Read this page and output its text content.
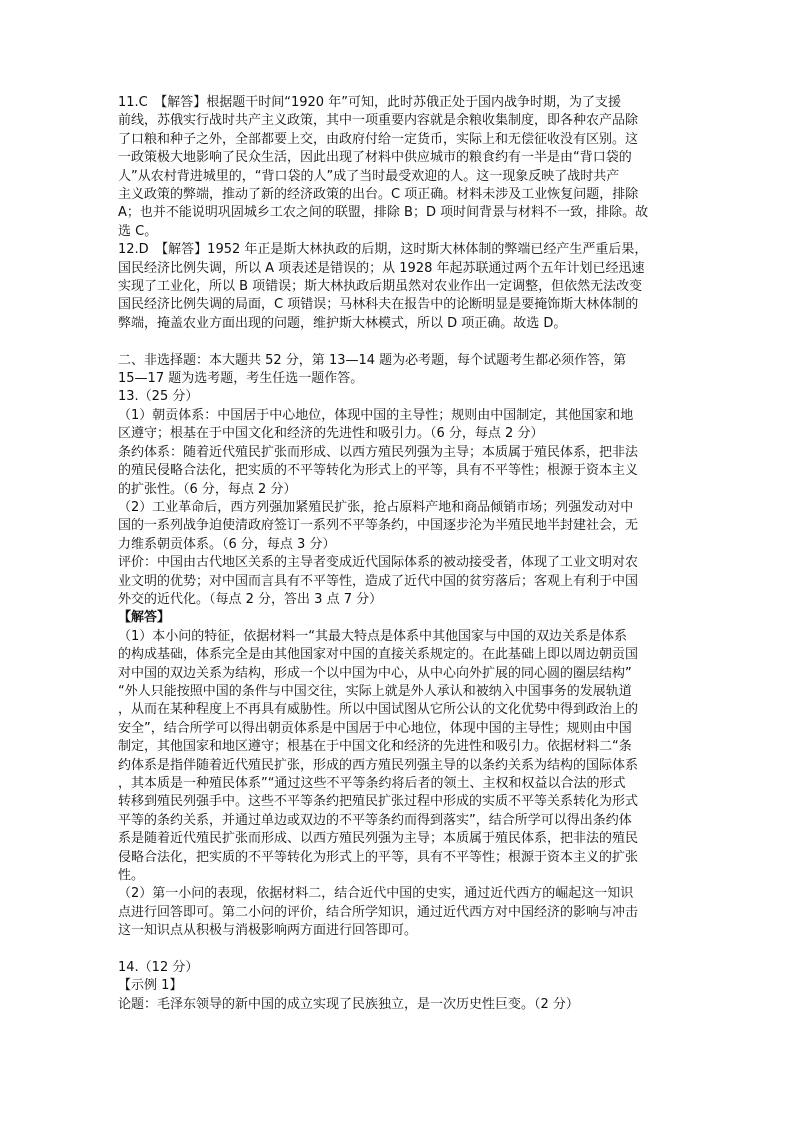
11.C　【解答】根据题干时间“1920 年”可知，此时苏俄正处于国内战争时期，为了支援

前线，苏俄实行战时共产主义政策，其中一项重要内容就是余粮收集制度，即各种农产品除

了口粮和种子之外，全部都要上交，由政府付给一定货币，实际上和无偿征收没有区别。这

一政策极大地影响了民众生活，因此出现了材料中供应城市的粮食约有一半是由“背口袋的

人”从农村背进城里的，“背口袋的人”成了当时最受欢迎的人。这一现象反映了战时共产

主义政策的弊端，推动了新的经济政策的出台。C 项正确。材料未涉及工业恢复问题，排除

A；也并不能说明巩固城乡工农之间的联盟，排除 B；D 项时间背景与材料不一致，排除。故

选 C。

12.D　【解答】1952 年正是斯大林执政的后期，这时斯大林体制的弊端已经产生严重后果，

国民经济比例失调，所以 A 项表述是错误的；从 1928 年起苏联通过两个五年计划已经迅速

实现了工业化，所以 B 项错误；斯大林执政后期虽然对农业作出一定调整，但依然无法改变

国民经济比例失调的局面，C 项错误；马林科夫在报告中的论断明显是要掩饰斯大林体制的

弊端，掩盖农业方面出现的问题，维护斯大林模式，所以 D 项正确。故选 D。

二、非选择题：本大题共 52 分，第 13—14 题为必考题，每个试题考生都必须作答，第

15—17 题为选考题，考生任选一题作答。

13.（25 分）

（1）朝贡体系：中国居于中心地位，体现中国的主导性；规则由中国制定，其他国家和地

区遵守；根基在于中国文化和经济的先进性和吸引力。（6 分，每点 2 分）

条约体系：随着近代殖民扩张而形成、以西方殖民列强为主导；本质属于殖民体系，把非法

的殖民侵略合法化，把实质的不平等转化为形式上的平等，具有不平等性；根源于资本主义

的扩张性。（6 分，每点 2 分）

（2）工业革命后，西方列强加紧殖民扩张，抢占原料产地和商品倾销市场；列强发动对中

国的一系列战争迫使清政府签订一系列不平等条约，中国逐步沦为半殖民地半封建社会，无

力维系朝贡体系。（6 分，每点 3 分）

评价：中国由古代地区关系的主导者变成近代国际体系的被动接受者，体现了工业文明对农

业文明的优势；对中国而言具有不平等性，造成了近代中国的贫穷落后；客观上有利于中国

外交的近代化。（每点 2 分，答出 3 点 7 分）

【解答】

（1）本小问的特征，依据材料一“其最大特点是体系中其他国家与中国的双边关系是体系

的构成基础，体系完全是由其他国家对中国的直接关系规定的。在此基础上即以周边朝贡国

对中国的双边关系为结构，形成一个以中国为中心，从中心向外扩展的同心圆的圈层结构”

“外人只能按照中国的条件与中国交往，实际上就是外人承认和被纳入中国事务的发展轨道

，从而在某种程度上不再具有威胁性。所以中国试图从它所公认的文化优势中得到政治上的

安全”，结合所学可以得出朝贡体系是中国居于中心地位，体现中国的主导性；规则由中国

制定，其他国家和地区遵守；根基在于中国文化和经济的先进性和吸引力。依据材料二“条

约体系是指伴随着近代殖民扩张，形成的西方殖民列强主导的以条约关系为结构的国际体系

，其本质是一种殖民体系”“通过这些不平等条约将后者的领土、主权和权益以合法的形式

转移到殖民列强手中。这些不平等条约把殖民扩张过程中形成的实质不平等关系转化为形式

平等的条约关系，并通过单边或双边的不平等条约而得到落实”，结合所学可以得出条约体

系是随着近代殖民扩张而形成、以西方殖民列强为主导；本质属于殖民体系，把非法的殖民

侵略合法化，把实质的不平等转化为形式上的平等，具有不平等性；根源于资本主义的扩张

性。

（2）第一小问的表现，依据材料二，结合近代中国的史实，通过近代西方的崛起这一知识

点进行回答即可。第二小问的评价，结合所学知识，通过近代西方对中国经济的影响与冲击

这一知识点从积极与消极影响两方面进行回答即可。

14.（12 分）

【示例 1】

论题：毛泽东领导的新中国的成立实现了民族独立，是一次历史性巨变。（2 分）
